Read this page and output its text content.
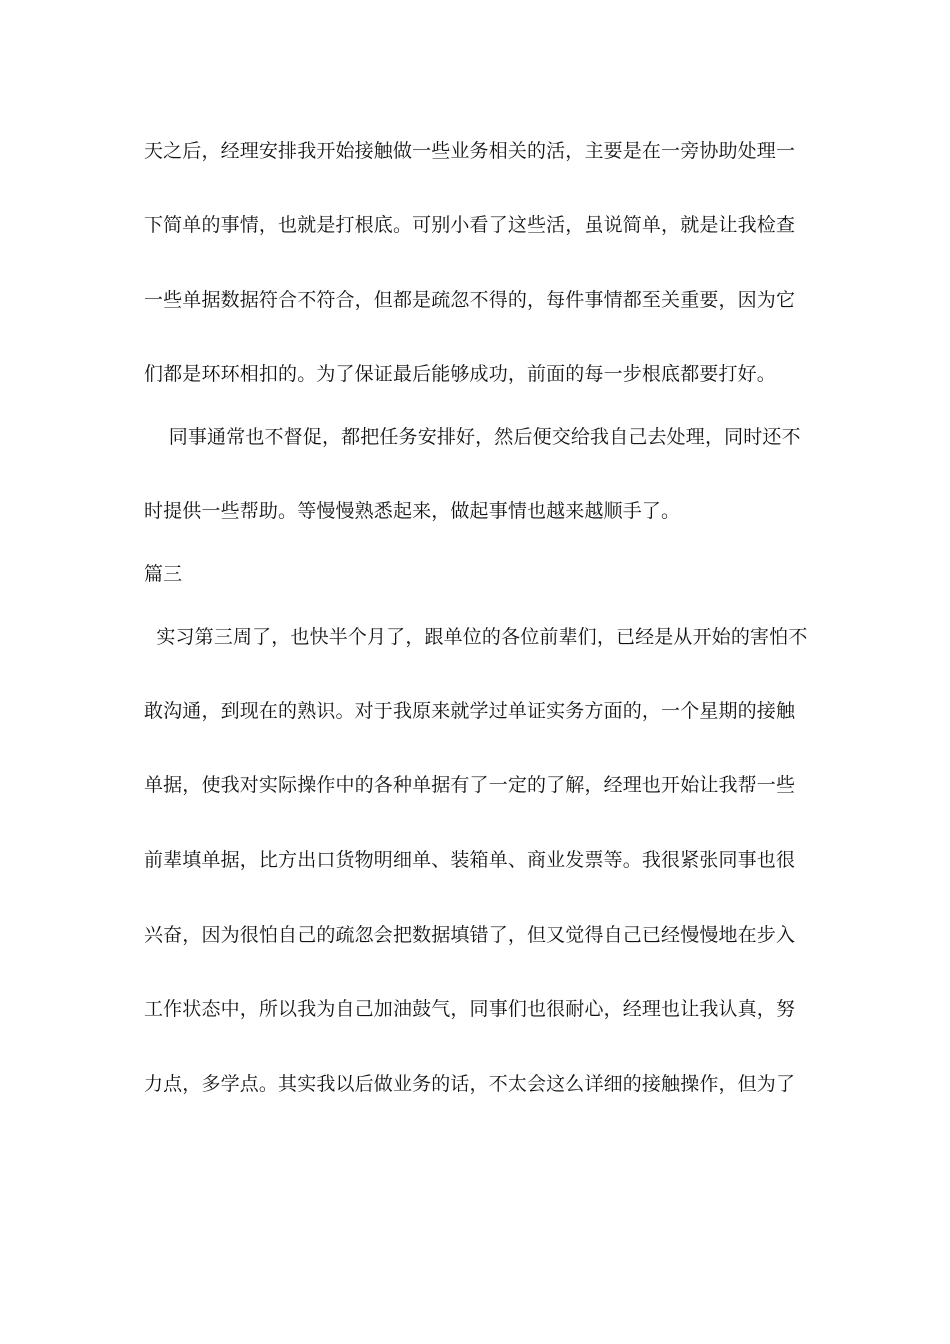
天之后，经理安排我开始接触做一些业务相关的活，主要是在一旁协助处理一
下简单的事情，也就是打根底。可别小看了这些活，虽说简单，就是让我检查
一些单据数据符合不符合，但都是疏忽不得的，每件事情都至关重要，因为它
们都是环环相扣的。为了保证最后能够成功，前面的每一步根底都要打好。
同事通常也不督促，都把任务安排好，然后便交给我自己去处理，同时还不
时提供一些帮助。等慢慢熟悉起来，做起事情也越来越顺手了。
篇三
实习第三周了，也快半个月了，跟单位的各位前辈们，已经是从开始的害怕不
敢沟通，到现在的熟识。对于我原来就学过单证实务方面的，一个星期的接触
单据，使我对实际操作中的各种单据有了一定的了解，经理也开始让我帮一些
前辈填单据，比方出口货物明细单、装箱单、商业发票等。我很紧张同事也很
兴奋，因为很怕自己的疏忽会把数据填错了，但又觉得自己已经慢慢地在步入
工作状态中，所以我为自己加油鼓气，同事们也很耐心，经理也让我认真，努
力点，多学点。其实我以后做业务的话，不太会这么详细的接触操作，但为了
